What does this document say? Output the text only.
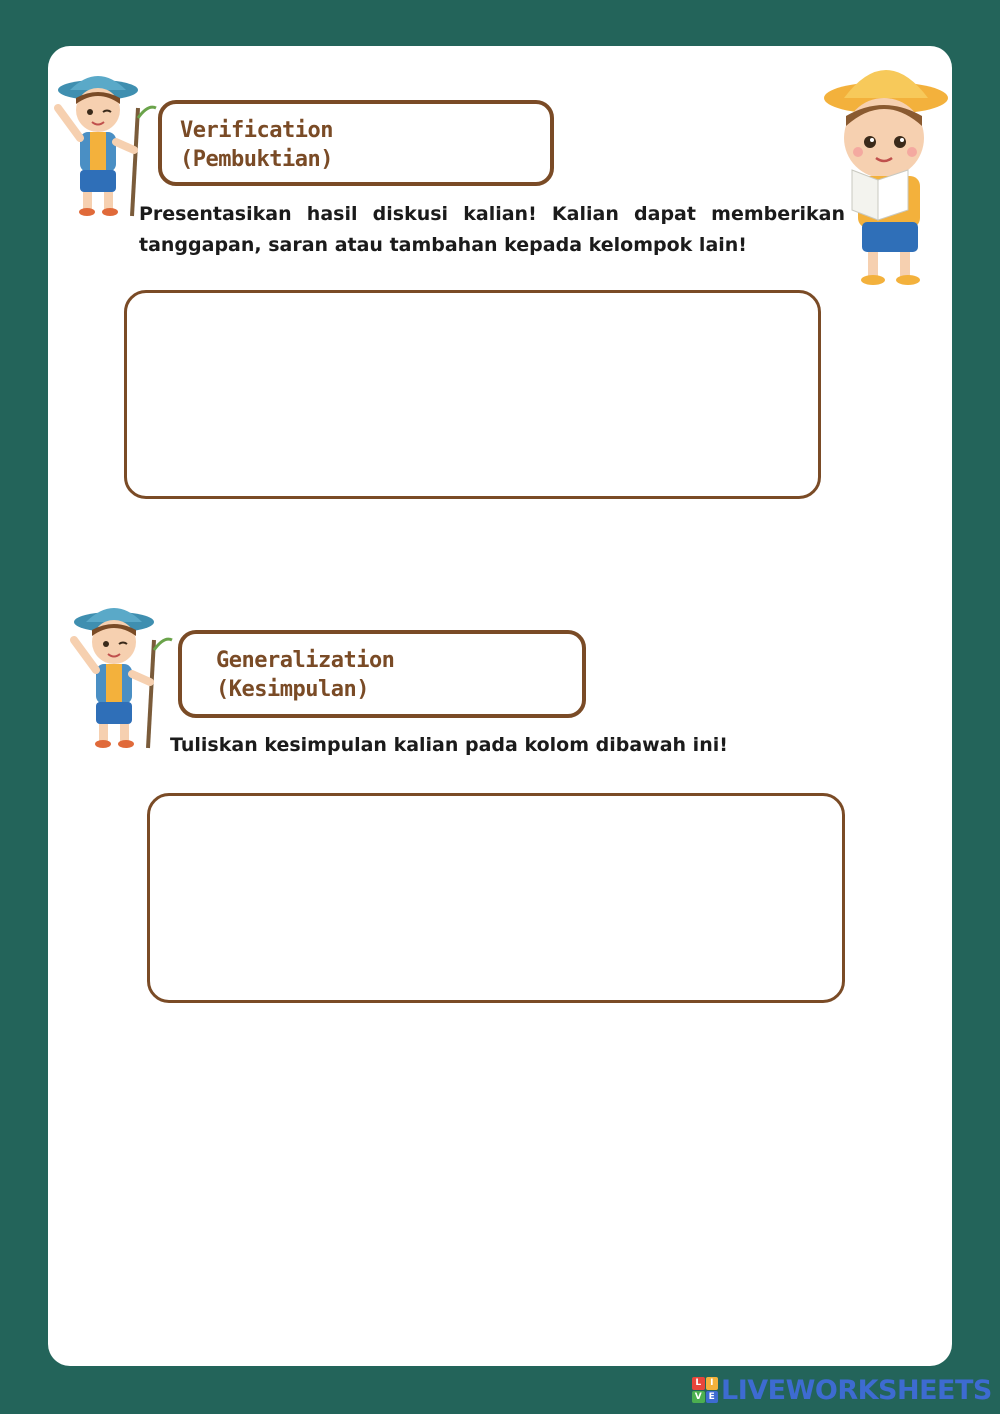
Verification
(Pembuktian)
Presentasikan hasil diskusi kalian! Kalian dapat memberikan tanggapan, saran atau tambahan kepada kelompok lain!
Generalization
(Kesimpulan)
Tuliskan kesimpulan kalian pada kolom dibawah ini!
L I
V E LIVEWORKSHEETS
